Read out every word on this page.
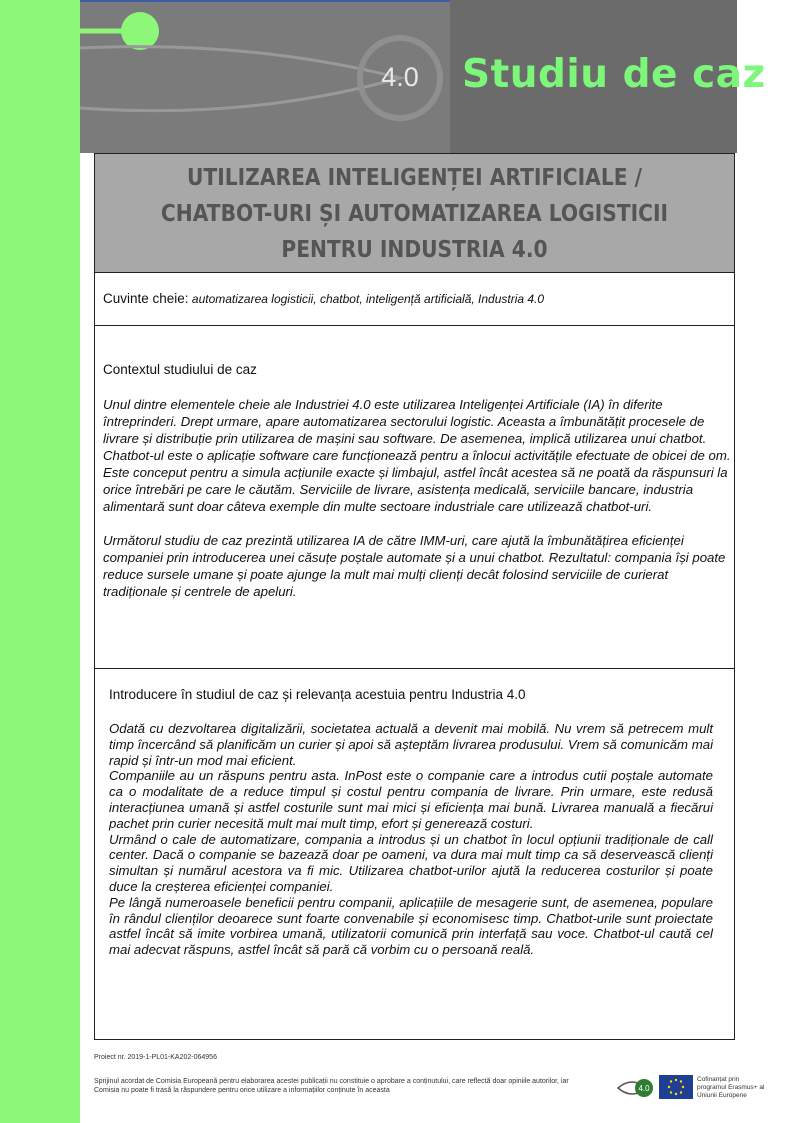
4.0 Studiu de caz
UTILIZAREA INTELIGENȚEI ARTIFICIALE /
CHATBOT-URI ȘI AUTOMATIZAREA LOGISTICII
PENTRU INDUSTRIA 4.0
Cuvinte cheie: automatizarea logisticii, chatbot, inteligență artificială, Industria 4.0
Contextul studiului de caz

Unul dintre elementele cheie ale Industriei 4.0 este utilizarea Inteligenței Artificiale (IA) în diferite întreprinderi. Drept urmare, apare automatizarea sectorului logistic. Aceasta a îmbunătățit procesele de livrare și distribuție prin utilizarea de mașini sau software. De asemenea, implică utilizarea unui chatbot. Chatbot-ul este o aplicație software care funcționează pentru a înlocui activitățile efectuate de obicei de om. Este conceput pentru a simula acțiunile exacte și limbajul, astfel încât acestea să ne poată da răspunsuri la orice întrebări pe care le căutăm. Serviciile de livrare, asistența medicală, serviciile bancare, industria alimentară sunt doar câteva exemple din multe sectoare industriale care utilizează chatbot-uri.

Următorul studiu de caz prezintă utilizarea IA de către IMM-uri, care ajută la îmbunătățirea eficienței companiei prin introducerea unei căsuțe poștale automate și a unui chatbot. Rezultatul: compania își poate reduce sursele umane și poate ajunge la mult mai mulți clienți decât folosind serviciile de curierat tradiționale și centrele de apeluri.

Introducere în studiul de caz și relevanța acestuia pentru Industria 4.0

Odată cu dezvoltarea digitalizării, societatea actuală a devenit mai mobilă. Nu vrem să petrecem mult timp încercând să planificăm un curier și apoi să așteptăm livrarea produsului. Vrem să comunicăm mai rapid și într-un mod mai eficient.

Companiile au un răspuns pentru asta. InPost este o companie care a introdus cutii poștale automate ca o modalitate de a reduce timpul și costul pentru compania de livrare. Prin urmare, este redusă interacțiunea umană și astfel costurile sunt mai mici și eficiența mai bună. Livrarea manuală a fiecărui pachet prin curier necesită mult mai mult timp, efort și generează costuri.

Urmând o cale de automatizare, compania a introdus și un chatbot în locul opțiunii tradiționale de call center. Dacă o companie se bazează doar pe oameni, va dura mai mult timp ca să deservească clienți simultan și numărul acestora va fi mic. Utilizarea chatbot-urilor ajută la reducerea costurilor și poate duce la creșterea eficienței companiei.

Pe lângă numeroasele beneficii pentru companii, aplicațiile de mesagerie sunt, de asemenea, populare în rândul clienților deoarece sunt foarte convenabile și economisesc timp. Chatbot-urile sunt proiectate astfel încât să imite vorbirea umană, utilizatorii comunică prin interfață sau voce. Chatbot-ul caută cel mai adecvat răspuns, astfel încât să pară că vorbim cu o persoană reală.

Proiect nr. 2019-1-PL01-KA202-064956
Sprijinul acordat de Comisia Europeană pentru elaborarea acestei publicații nu constituie o aprobare a conținutului, care reflectă doar opiniile autorilor, iar Comisia nu poate fi trasă la răspundere pentru orice utilizare a informațiilor conținute în aceasta	4.0
Cofinanțat prin programul Erasmus+ al Uniunii Europene
